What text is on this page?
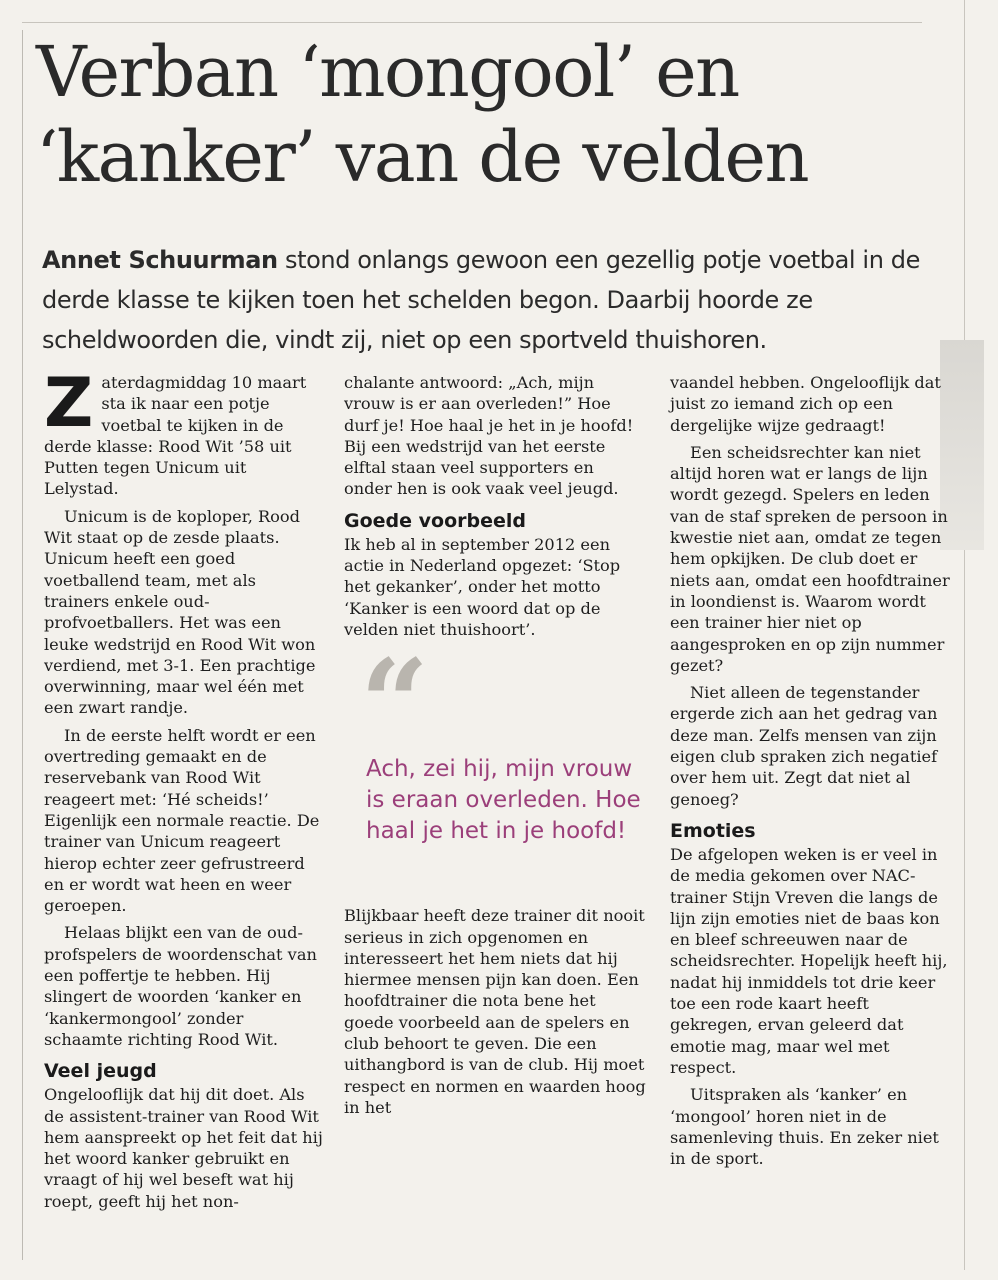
Verban ‘mongool’ en
‘kanker’ van de velden
Annet Schuurman stond onlangs gewoon een gezellig potje voetbal in de derde klasse te kijken toen het schelden begon. Daarbij hoorde ze scheldwoorden die, vindt zij, niet op een sportveld thuishoren.

Zaterdagmiddag 10 maart sta ik naar een potje voetbal te kijken in de derde klasse: Rood Wit ’58 uit Putten tegen Unicum uit Lelystad.

Unicum is de koploper, Rood Wit staat op de zesde plaats. Unicum heeft een goed voetballend team, met als trainers enkele oud-profvoetballers. Het was een leuke wedstrijd en Rood Wit won verdiend, met 3-1. Een prachtige overwinning, maar wel één met een zwart randje.

In de eerste helft wordt er een overtreding gemaakt en de reservebank van Rood Wit reageert met: ‘Hé scheids!’ Eigenlijk een normale reactie. De trainer van Unicum reageert hierop echter zeer gefrustreerd en er wordt wat heen en weer geroepen.

Helaas blijkt een van de oud-profspelers de woordenschat van een poffertje te hebben. Hij slingert de woorden ‘kanker en ‘kankermongool’ zonder schaamte richting Rood Wit.

Veel jeugd

Ongelooflijk dat hij dit doet. Als de assistent-trainer van Rood Wit hem aanspreekt op het feit dat hij het woord kanker gebruikt en vraagt of hij wel beseft wat hij roept, geeft hij het non-

chalante antwoord: „Ach, mijn vrouw is er aan overleden!” Hoe durf je! Hoe haal je het in je hoofd! Bij een wedstrijd van het eerste elftal staan veel supporters en onder hen is ook vaak veel jeugd.

Goede voorbeeld

Ik heb al in september 2012 een actie in Nederland opgezet: ‘Stop het gekanker’, onder het motto ‘Kanker is een woord dat op de velden niet thuishoort’.

“
Ach, zei hij, mijn vrouw is eraan overleden. Hoe haal je het in je hoofd!

Blijkbaar heeft deze trainer dit nooit serieus in zich opgenomen en interesseert het hem niets dat hij hiermee mensen pijn kan doen. Een hoofdtrainer die nota bene het goede voorbeeld aan de spelers en club behoort te geven. Die een uithangbord is van de club. Hij moet respect en normen en waarden hoog in het

vaandel hebben. Ongelooflijk dat juist zo iemand zich op een dergelijke wijze gedraagt!

Een scheidsrechter kan niet altijd horen wat er langs de lijn wordt gezegd. Spelers en leden van de staf spreken de persoon in kwestie niet aan, omdat ze tegen hem opkijken. De club doet er niets aan, omdat een hoofdtrainer in loondienst is. Waarom wordt een trainer hier niet op aangesproken en op zijn nummer gezet?

Niet alleen de tegenstander ergerde zich aan het gedrag van deze man. Zelfs mensen van zijn eigen club spraken zich negatief over hem uit. Zegt dat niet al genoeg?

Emoties

De afgelopen weken is er veel in de media gekomen over NAC-trainer Stijn Vreven die langs de lijn zijn emoties niet de baas kon en bleef schreeuwen naar de scheidsrechter. Hopelijk heeft hij, nadat hij inmiddels tot drie keer toe een rode kaart heeft gekregen, ervan geleerd dat emotie mag, maar wel met respect.

Uitspraken als ‘kanker’ en ‘mongool’ horen niet in de samenleving thuis. En zeker niet in de sport.
